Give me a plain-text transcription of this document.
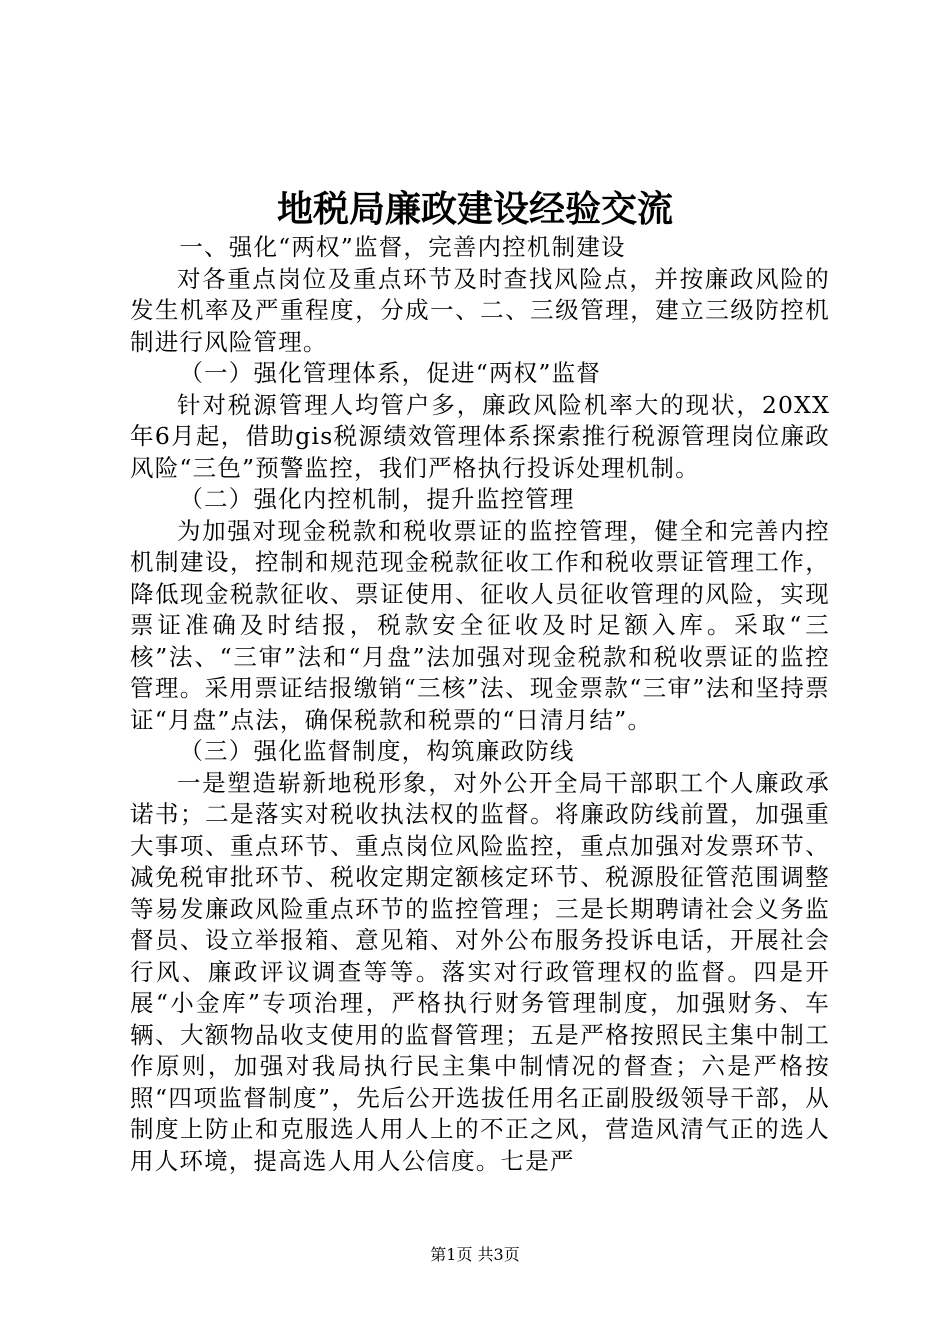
地税局廉政建设经验交流

一、强化“两权”监督，完善内控机制建设

对各重点岗位及重点环节及时查找风险点，并按廉政风险的发生机率及严重程度，分成一、二、三级管理，建立三级防控机制进行风险管理。

（一）强化管理体系，促进“两权”监督

针对税源管理人均管户多，廉政风险机率大的现状，20XX年6月起，借助gis税源绩效管理体系探索推行税源管理岗位廉政风险“三色”预警监控，我们严格执行投诉处理机制。

（二）强化内控机制，提升监控管理

为加强对现金税款和税收票证的监控管理，健全和完善内控机制建设，控制和规范现金税款征收工作和税收票证管理工作，降低现金税款征收、票证使用、征收人员征收管理的风险，实现票证准确及时结报，税款安全征收及时足额入库。采取“三核”法、“三审”法和“月盘”法加强对现金税款和税收票证的监控管理。采用票证结报缴销“三核”法、现金票款“三审”法和坚持票证“月盘”点法，确保税款和税票的“日清月结”。

（三）强化监督制度，构筑廉政防线

一是塑造崭新地税形象，对外公开全局干部职工个人廉政承诺书；二是落实对税收执法权的监督。将廉政防线前置，加强重大事项、重点环节、重点岗位风险监控，重点加强对发票环节、减免税审批环节、税收定期定额核定环节、税源股征管范围调整等易发廉政风险重点环节的监控管理；三是长期聘请社会义务监督员、设立举报箱、意见箱、对外公布服务投诉电话，开展社会行风、廉政评议调查等等。落实对行政管理权的监督。四是开展“小金库”专项治理，严格执行财务管理制度，加强财务、车辆、大额物品收支使用的监督管理；五是严格按照民主集中制工作原则，加强对我局执行民主集中制情况的督查；六是严格按照“四项监督制度”，先后公开选拔任用名正副股级领导干部，从制度上防止和克服选人用人上的不正之风，营造风清气正的选人用人环境，提高选人用人公信度。七是严

第1页 共3页
